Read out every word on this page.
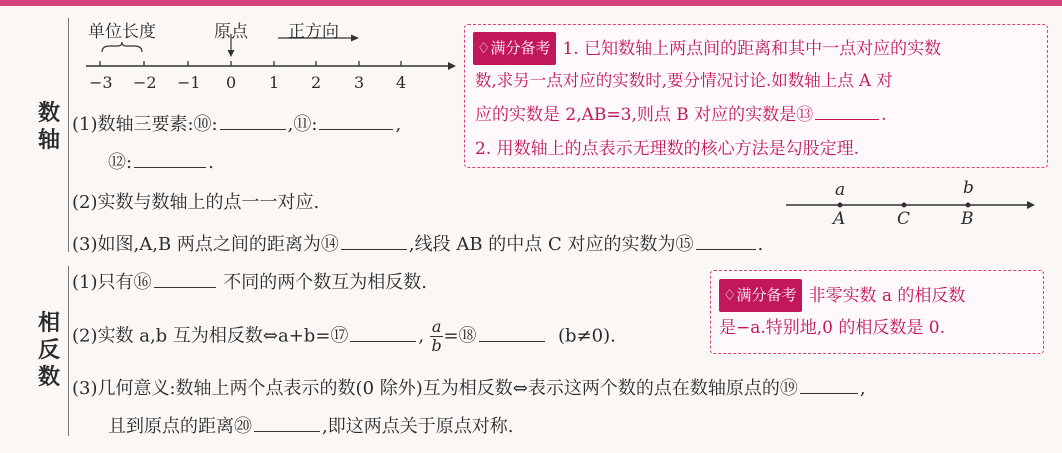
单位长度	原点 正方向
−3 −2 −1 0 1 2 3 4
数
轴
(1)数轴三要素:⑩:	,⑪:	,
⑫:	.
(2)实数与数轴上的点一一对应.
(3)如图,A,B 两点之间的距离为⑭	,线段 AB 的中点 C 对应的实数为⑮	.
♢满分备考 1. 已知数轴上两点间的距离和其中一点对应的实数
数,求另一点对应的实数时,要分情况讨论.如数轴上点 A 对
应的实数是 2,AB=3,则点 B 对应的实数是⑬	.
2. 用数轴上的点表示无理数的核心方法是勾股定理.
a	b
A	C	B
相
反
数
(1)只有⑯	不同的两个数互为相反数.
(2)实数 a,b 互为相反数⇔a+b=⑰	, $\frac{a}{b}$ =⑱	(b≠0).
(3)几何意义:数轴上两个点表示的数(0 除外)互为相反数⇔表示这两个数的点在数轴原点的⑲	,
且到原点的距离⑳	,即这两点关于原点对称.
♢满分备考 非零实数 a 的相反数
是−a.特别地,0 的相反数是 0.
